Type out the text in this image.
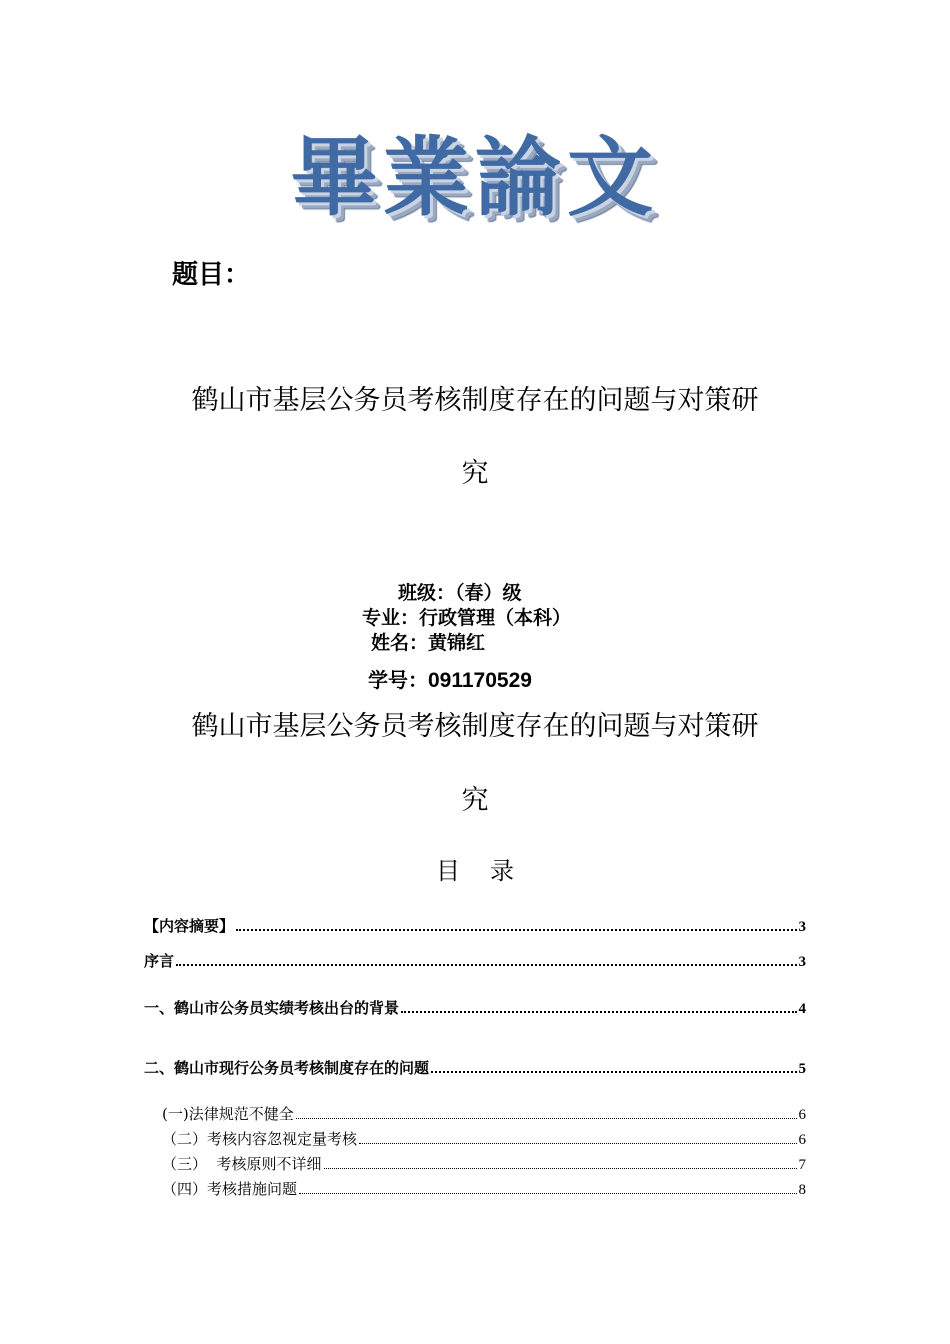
畢業論文
题目：
鹤山市基层公务员考核制度存在的问题与对策研
究
班级：（春）级
专业：行政管理（本科）
姓名：黄锦红
学号：091170529
鹤山市基层公务员考核制度存在的问题与对策研
究
目录
【内容摘要】	3
序言	3
一、鹤山市公务员实绩考核出台的背景	4
二、鹤山市现行公务员考核制度存在的问题	5
(一)法律规范不健全	6
（二）考核内容忽视定量考核	6
（三）  考核原则不详细	7
（四）考核措施问题	8
